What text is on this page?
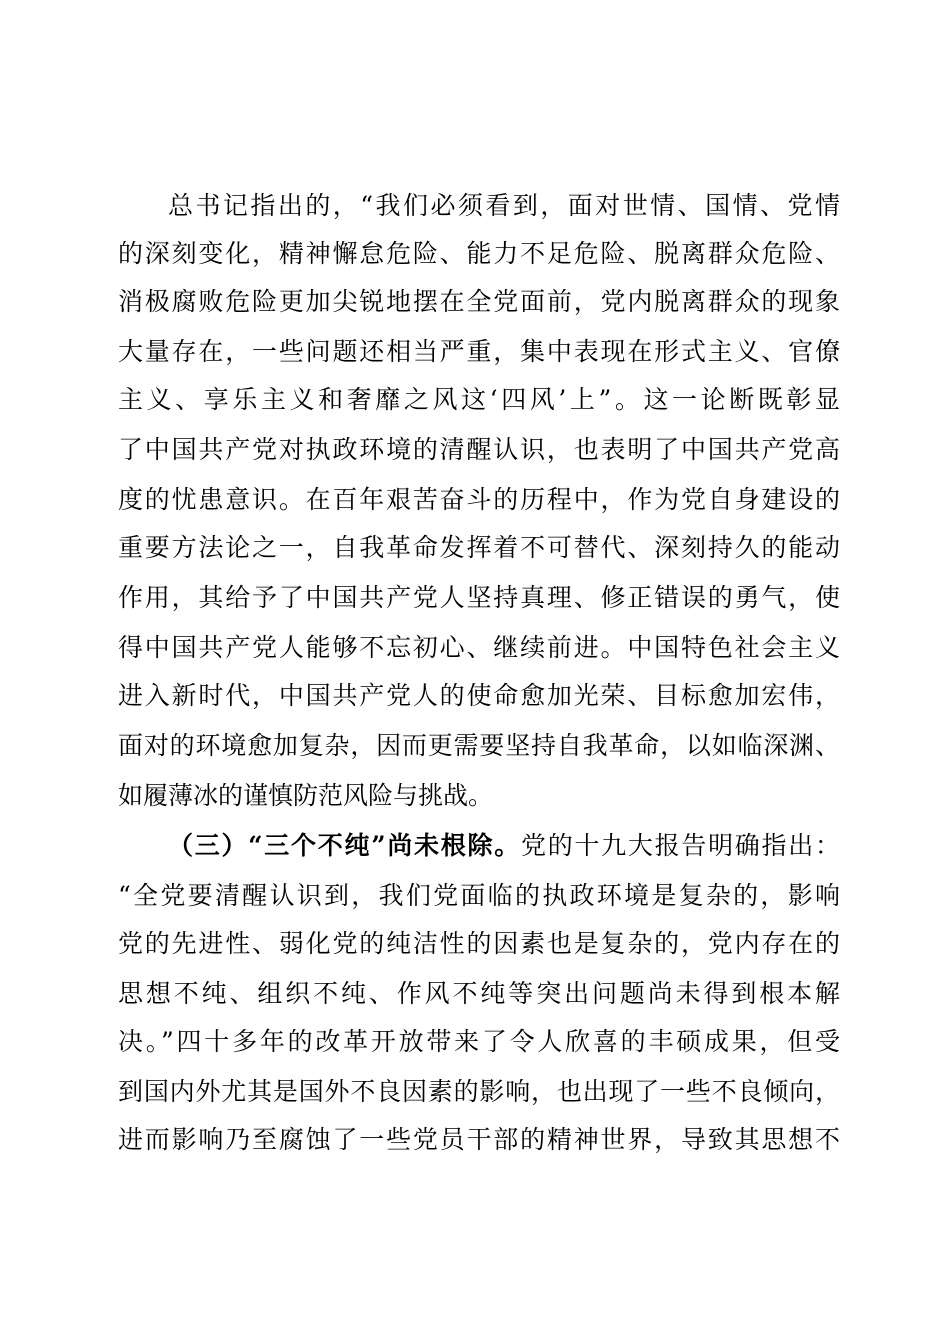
总书记指出的，“我们必须看到，面对世情、国情、党情
的深刻变化，精神懈怠危险、能力不足危险、脱离群众危险、
消极腐败危险更加尖锐地摆在全党面前，党内脱离群众的现象
大量存在，一些问题还相当严重，集中表现在形式主义、官僚
主义、享乐主义和奢靡之风这‘四风’上”。这一论断既彰显
了中国共产党对执政环境的清醒认识，也表明了中国共产党高
度的忧患意识。在百年艰苦奋斗的历程中，作为党自身建设的
重要方法论之一，自我革命发挥着不可替代、深刻持久的能动
作用，其给予了中国共产党人坚持真理、修正错误的勇气，使
得中国共产党人能够不忘初心、继续前进。中国特色社会主义
进入新时代，中国共产党人的使命愈加光荣、目标愈加宏伟，
面对的环境愈加复杂，因而更需要坚持自我革命，以如临深渊、
如履薄冰的谨慎防范风险与挑战。
（三）“三个不纯”尚未根除。党的十九大报告明确指出：
“全党要清醒认识到，我们党面临的执政环境是复杂的，影响
党的先进性、弱化党的纯洁性的因素也是复杂的，党内存在的
思想不纯、组织不纯、作风不纯等突出问题尚未得到根本解
决。”四十多年的改革开放带来了令人欣喜的丰硕成果，但受
到国内外尤其是国外不良因素的影响，也出现了一些不良倾向，
进而影响乃至腐蚀了一些党员干部的精神世界，导致其思想不
